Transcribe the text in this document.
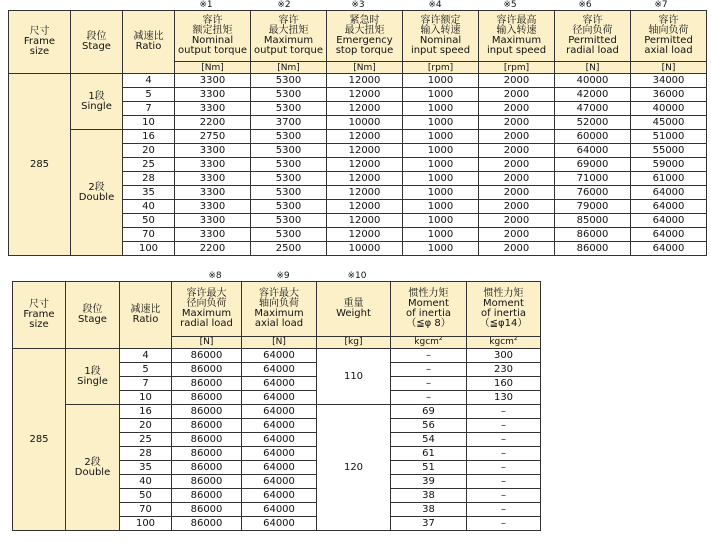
※1	※2	※3	※4	※5	※6	※7
尺寸
Frame
size	段位
Stage	减速比
Ratio	容许
额定扭矩
Nominal
output torque	容许
最大扭矩
Maximum
output torque	紧急时
最大扭矩
Emergency
stop torque	容许额定
输入转速
Nominal
input speed	容许最高
输入转速
Maximum
input speed	容许
径向负荷
Permitted
radial load	容许
轴向负荷
Permitted
axial load

			[Nm]	[Nm]	[Nm]	[rpm]	[rpm]	[N]	[N]
285	1段
Single	4	3300	5300	12000	1000	2000	40000	34000
		5	3300	5300	12000	1000	2000	42000	36000
		7	3300	5300	12000	1000	2000	47000	40000
		10	2200	3700	10000	1000	2000	52000	45000

	2段
Double	16	2750	5300	12000	1000	2000	60000	51000
		20	3300	5300	12000	1000	2000	64000	55000
		25	3300	5300	12000	1000	2000	69000	59000
		28	3300	5300	12000	1000	2000	71000	61000
		35	3300	5300	12000	1000	2000	76000	64000
		40	3300	5300	12000	1000	2000	79000	64000
		50	3300	5300	12000	1000	2000	85000	64000
		70	3300	5300	12000	1000	2000	86000	64000
		100	2200	2500	10000	1000	2000	86000	64000
※8	※9	※10
尺寸
Frame
size	段位
Stage	减速比
Ratio	容许最大
径向负荷
Maximum
radial load	容许最大
轴向负荷
Maximum
axial load	重量
Weight	惯性力矩
Moment
of inertia
（≦φ 8）	惯性力矩
Moment
of inertia
（≦φ14）

			[N]	[N]	[kg]	kgcm$^2$	kgcm$^2$
285	1段
Single	4	86000	64000	110	–	300
		5	86000	64000		–	230
		7	86000	64000		–	160
		10	86000	64000		–	130

	2段
Double	16	86000	64000	120	69	–
		20	86000	64000		56	–
		25	86000	64000		54	–
		28	86000	64000		61	–
		35	86000	64000		51	–
		40	86000	64000		39	–
		50	86000	64000		38	–
		70	86000	64000		38	–
		100	86000	64000		37	–
